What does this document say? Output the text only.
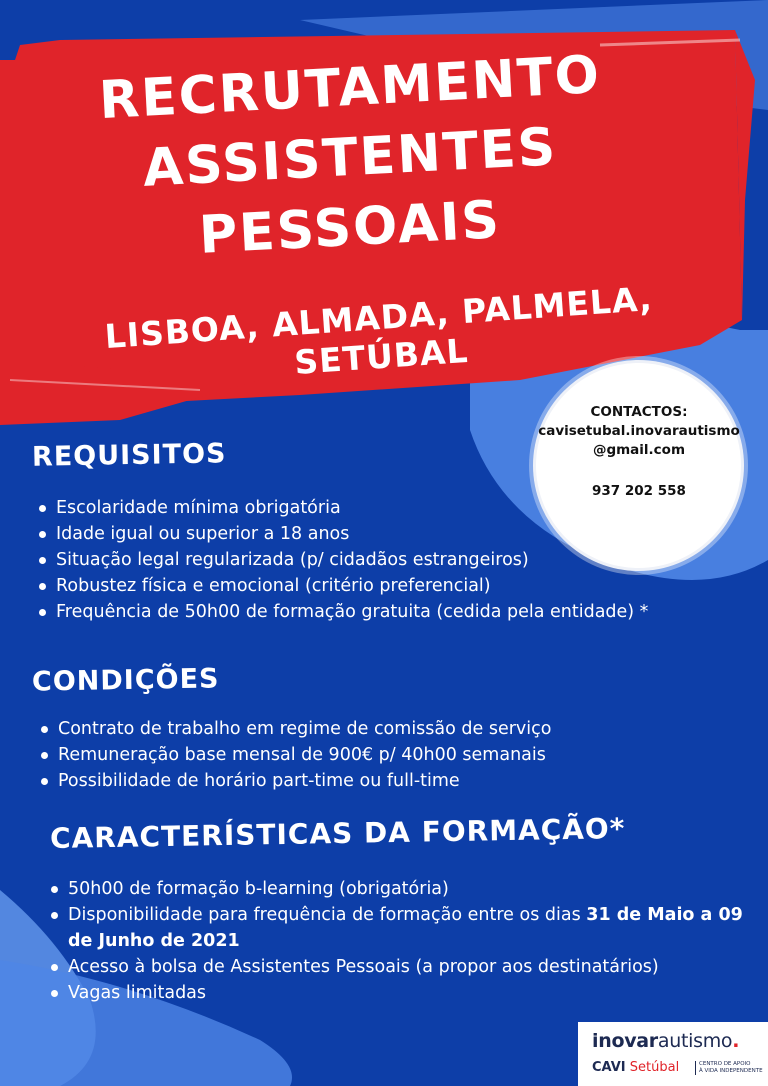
RECRUTAMENTO
ASSISTENTES
PESSOAIS
LISBOA, ALMADA, PALMELA, SETÚBAL
CONTACTOS:
cavisetubal.inovarautismo
@gmail.com
937 202 558
REQUISITOS
Escolaridade mínima obrigatória
Idade igual ou superior a 18 anos
Situação legal regularizada (p/ cidadãos estrangeiros)
Robustez física e emocional (critério preferencial)
Frequência de 50h00 de formação gratuita (cedida pela entidade) *
CONDIÇÕES
Contrato de trabalho em regime de comissão de serviço
Remuneração base mensal de 900€ p/ 40h00 semanais
Possibilidade de horário part-time ou full-time
CARACTERÍSTICAS DA FORMAÇÃO*
50h00 de formação b-learning (obrigatória)
Disponibilidade para frequência de formação entre os dias 31 de Maio a 09 de Junho de 2021
Acesso à bolsa de Assistentes Pessoais (a propor aos destinatários)
Vagas limitadas
inovarautismo.
CAVI Setúbal	CENTRO DE APOIO
À VIDA INDEPENDENTE
